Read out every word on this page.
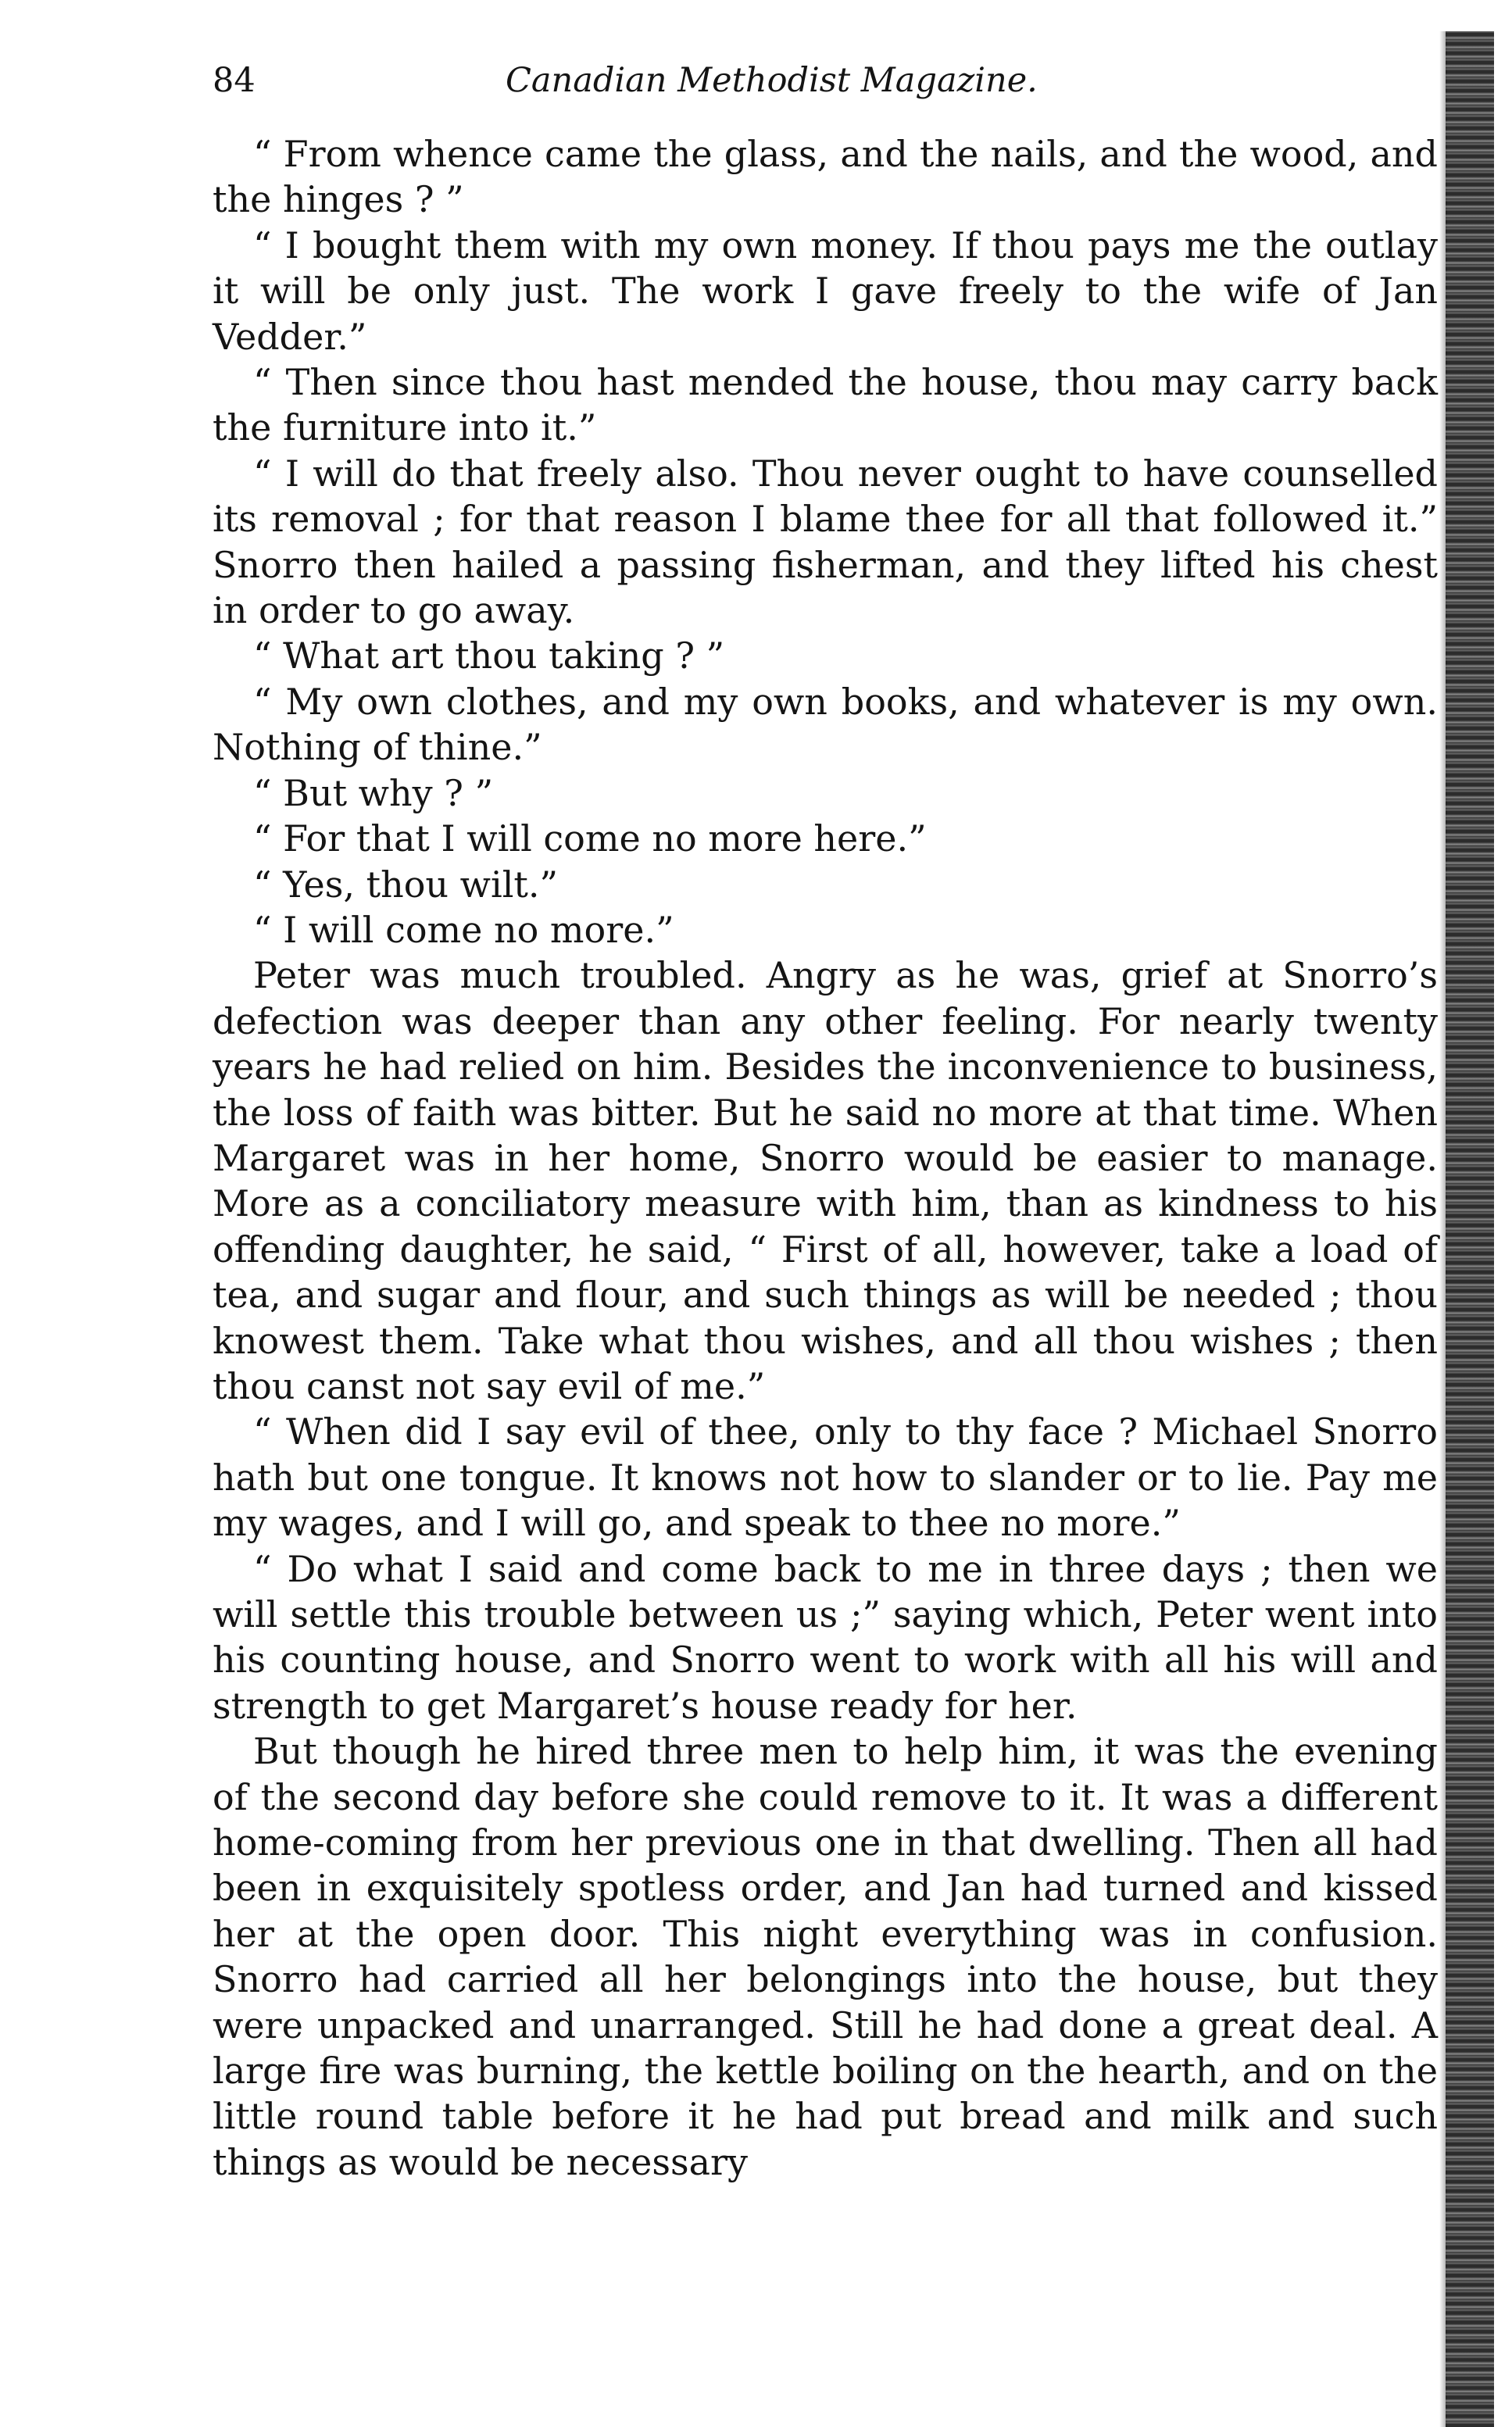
84	Canadian Methodist Magazine.

“ From whence came the glass, and the nails, and the wood, and the hinges ? ”

“ I bought them with my own money. If thou pays me the outlay it will be only just. The work I gave freely to the wife of Jan Vedder.”

“ Then since thou hast mended the house, thou may carry back the furniture into it.”

“ I will do that freely also. Thou never ought to have counselled its removal ; for that reason I blame thee for all that followed it.” Snorro then hailed a passing fisherman, and they lifted his chest in order to go away.

“ What art thou taking ? ”

“ My own clothes, and my own books, and whatever is my own. Nothing of thine.”

“ But why ? ”

“ For that I will come no more here.”

“ Yes, thou wilt.”

“ I will come no more.”

Peter was much troubled. Angry as he was, grief at Snorro’s defection was deeper than any other feeling. For nearly twenty years he had relied on him. Besides the inconvenience to business, the loss of faith was bitter. But he said no more at that time. When Margaret was in her home, Snorro would be easier to manage. More as a conciliatory measure with him, than as kindness to his offending daughter, he said, “ First of all, however, take a load of tea, and sugar and flour, and such things as will be needed ; thou knowest them. Take what thou wishes, and all thou wishes ; then thou canst not say evil of me.”

“ When did I say evil of thee, only to thy face ? Michael Snorro hath but one tongue. It knows not how to slander or to lie. Pay me my wages, and I will go, and speak to thee no more.”

“ Do what I said and come back to me in three days ; then we will settle this trouble between us ;” saying which, Peter went into his counting house, and Snorro went to work with all his will and strength to get Margaret’s house ready for her.

But though he hired three men to help him, it was the evening of the second day before she could remove to it. It was a different home-coming from her previous one in that dwelling. Then all had been in exquisitely spotless order, and Jan had turned and kissed her at the open door. This night everything was in confusion. Snorro had carried all her belongings into the house, but they were unpacked and unarranged. Still he had done a great deal. A large fire was burning, the kettle boiling on the hearth, and on the little round table before it he had put bread and milk and such things as would be necessary
